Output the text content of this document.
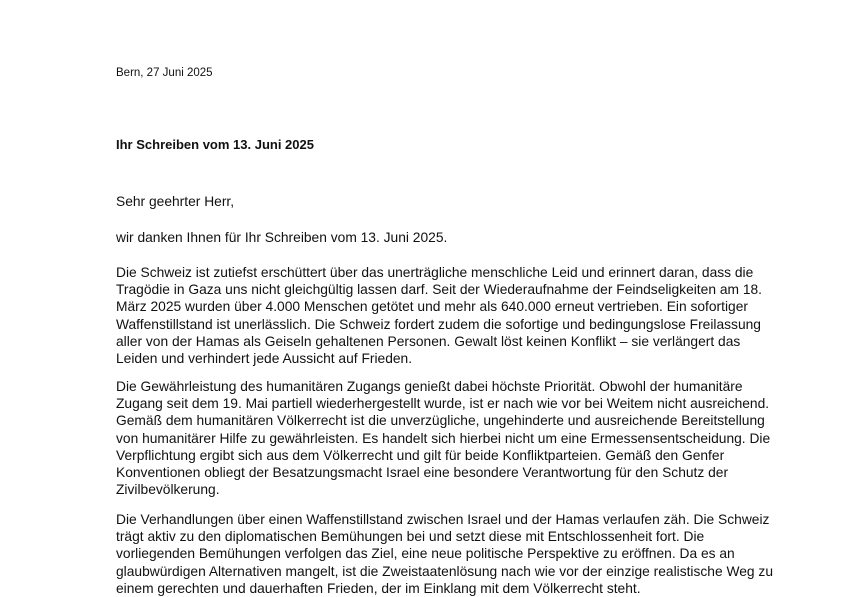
Bern, 27 Juni 2025
Ihr Schreiben vom 13. Juni 2025
Sehr geehrter Herr,
wir danken Ihnen für Ihr Schreiben vom 13. Juni 2025.
Die Schweiz ist zutiefst erschüttert über das unerträgliche menschliche Leid und erinnert daran, dass die
Tragödie in Gaza uns nicht gleichgültig lassen darf. Seit der Wiederaufnahme der Feindseligkeiten am 18.
März 2025 wurden über 4.000 Menschen getötet und mehr als 640.000 erneut vertrieben. Ein sofortiger
Waffenstillstand ist unerlässlich. Die Schweiz fordert zudem die sofortige und bedingungslose Freilassung
aller von der Hamas als Geiseln gehaltenen Personen. Gewalt löst keinen Konflikt – sie verlängert das
Leiden und verhindert jede Aussicht auf Frieden.
Die Gewährleistung des humanitären Zugangs genießt dabei höchste Priorität. Obwohl der humanitäre
Zugang seit dem 19. Mai partiell wiederhergestellt wurde, ist er nach wie vor bei Weitem nicht ausreichend.
Gemäß dem humanitären Völkerrecht ist die unverzügliche, ungehinderte und ausreichende Bereitstellung
von humanitärer Hilfe zu gewährleisten. Es handelt sich hierbei nicht um eine Ermessensentscheidung. Die
Verpflichtung ergibt sich aus dem Völkerrecht und gilt für beide Konfliktparteien. Gemäß den Genfer
Konventionen obliegt der Besatzungsmacht Israel eine besondere Verantwortung für den Schutz der
Zivilbevölkerung.
Die Verhandlungen über einen Waffenstillstand zwischen Israel und der Hamas verlaufen zäh. Die Schweiz
trägt aktiv zu den diplomatischen Bemühungen bei und setzt diese mit Entschlossenheit fort. Die
vorliegenden Bemühungen verfolgen das Ziel, eine neue politische Perspektive zu eröffnen. Da es an
glaubwürdigen Alternativen mangelt, ist die Zweistaatenlösung nach wie vor der einzige realistische Weg zu
einem gerechten und dauerhaften Frieden, der im Einklang mit dem Völkerrecht steht.
